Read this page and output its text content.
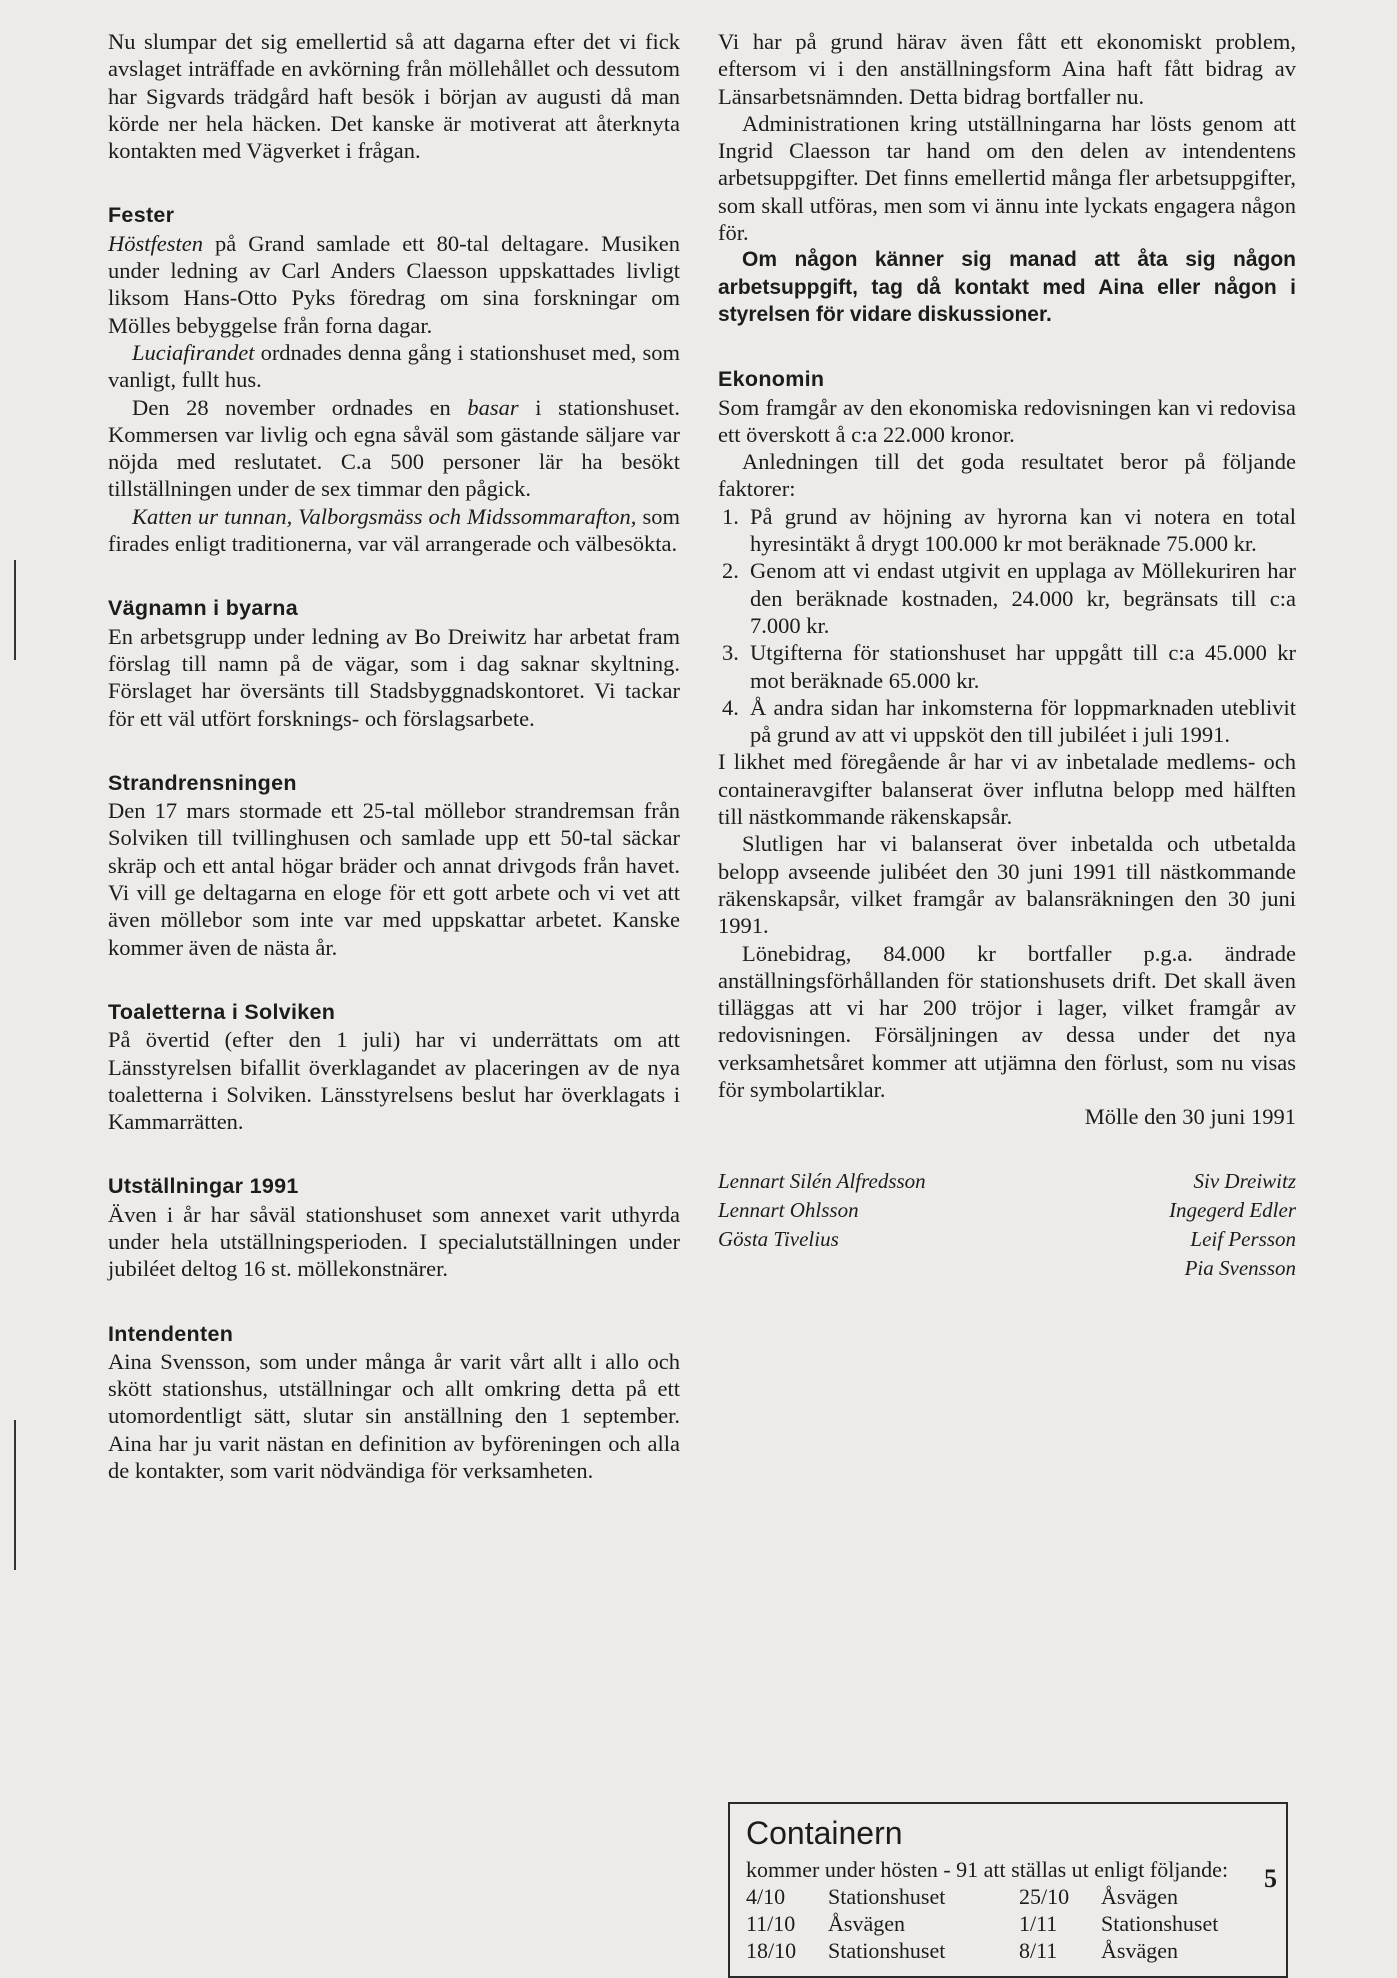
Nu slumpar det sig emellertid så att dagarna efter det vi fick avslaget inträffade en avkörning från möllehållet och dessutom har Sigvards trädgård haft besök i början av augusti då man körde ner hela häcken. Det kanske är motiverat att återknyta kontakten med Vägverket i frågan.

Fester

Höstfesten på Grand samlade ett 80-tal deltagare. Musiken under ledning av Carl Anders Claesson uppskattades livligt liksom Hans-Otto Pyks föredrag om sina forskningar om Mölles bebyggelse från forna dagar.

Luciafirandet ordnades denna gång i stationshuset med, som vanligt, fullt hus.

Den 28 november ordnades en basar i stationshuset. Kommersen var livlig och egna såväl som gästande säljare var nöjda med reslutatet. C.a 500 personer lär ha besökt tillställningen under de sex timmar den pågick.

Katten ur tunnan, Valborgsmäss och Midssommarafton, som firades enligt traditionerna, var väl arrangerade och välbesökta.

Vägnamn i byarna

En arbetsgrupp under ledning av Bo Dreiwitz har arbetat fram förslag till namn på de vägar, som i dag saknar skyltning. Förslaget har översänts till Stadsbyggnadskontoret. Vi tackar för ett väl utfört forsknings- och förslagsarbete.

Strandrensningen

Den 17 mars stormade ett 25-tal möllebor strandremsan från Solviken till tvillinghusen och samlade upp ett 50-tal säckar skräp och ett antal högar bräder och annat drivgods från havet. Vi vill ge deltagarna en eloge för ett gott arbete och vi vet att även möllebor som inte var med uppskattar arbetet. Kanske kommer även de nästa år.

Toaletterna i Solviken

På övertid (efter den 1 juli) har vi underrättats om att Länsstyrelsen bifallit överklagandet av placeringen av de nya toaletterna i Solviken. Länsstyrelsens beslut har överklagats i Kammarrätten.

Utställningar 1991

Även i år har såväl stationshuset som annexet varit uthyrda under hela utställningsperioden. I specialutställningen under jubiléet deltog 16 st. möllekonstnärer.

Intendenten

Aina Svensson, som under många år varit vårt allt i allo och skött stationshus, utställningar och allt omkring detta på ett utomordentligt sätt, slutar sin anställning den 1 september. Aina har ju varit nästan en definition av byföreningen och alla de kontakter, som varit nödvändiga för verksamheten.

Vi har på grund härav även fått ett ekonomiskt problem, eftersom vi i den anställningsform Aina haft fått bidrag av Länsarbetsnämnden. Detta bidrag bortfaller nu.

Administrationen kring utställningarna har lösts genom att Ingrid Claesson tar hand om den delen av intendentens arbetsuppgifter. Det finns emellertid många fler arbetsuppgifter, som skall utföras, men som vi ännu inte lyckats engagera någon för.

Om någon känner sig manad att åta sig någon arbetsuppgift, tag då kontakt med Aina eller någon i styrelsen för vidare diskussioner.

Ekonomin

Som framgår av den ekonomiska redovisningen kan vi redovisa ett överskott å c:a 22.000 kronor.

Anledningen till det goda resultatet beror på följande faktorer:

1. På grund av höjning av hyrorna kan vi notera en total hyresintäkt å drygt 100.000 kr mot beräknade 75.000 kr.
2. Genom att vi endast utgivit en upplaga av Möllekuriren har den beräknade kostnaden, 24.000 kr, begränsats till c:a 7.000 kr.
3. Utgifterna för stationshuset har uppgått till c:a 45.000 kr mot beräknade 65.000 kr.
4. Å andra sidan har inkomsterna för loppmarknaden uteblivit på grund av att vi uppsköt den till jubiléet i juli 1991.

I likhet med föregående år har vi av inbetalade medlems- och containeravgifter balanserat över influtna belopp med hälften till nästkommande räkenskapsår.

Slutligen har vi balanserat över inbetalda och utbetalda belopp avseende julibéet den 30 juni 1991 till nästkommande räkenskapsår, vilket framgår av balansräkningen den 30 juni 1991.

Lönebidrag, 84.000 kr bortfaller p.g.a. ändrade anställningsförhållanden för stationshusets drift. Det skall även tilläggas att vi har 200 tröjor i lager, vilket framgår av redovisningen. Försäljningen av dessa under det nya verksamhetsåret kommer att utjämna den förlust, som nu visas för symbolartiklar.

Mölle den 30 juni 1991

Lennart Silén Alfredsson
Lennart Ohlsson
Gösta Tivelius
Siv Dreiwitz
Ingegerd Edler
Leif Persson
Pia Svensson
Containern

kommer under hösten - 91 att ställas ut enligt följande:

4/10	Stationshuset	25/10	Åsvägen
11/10	Åsvägen	1/11	Stationshuset
18/10	Stationshuset	8/11	Åsvägen
5
